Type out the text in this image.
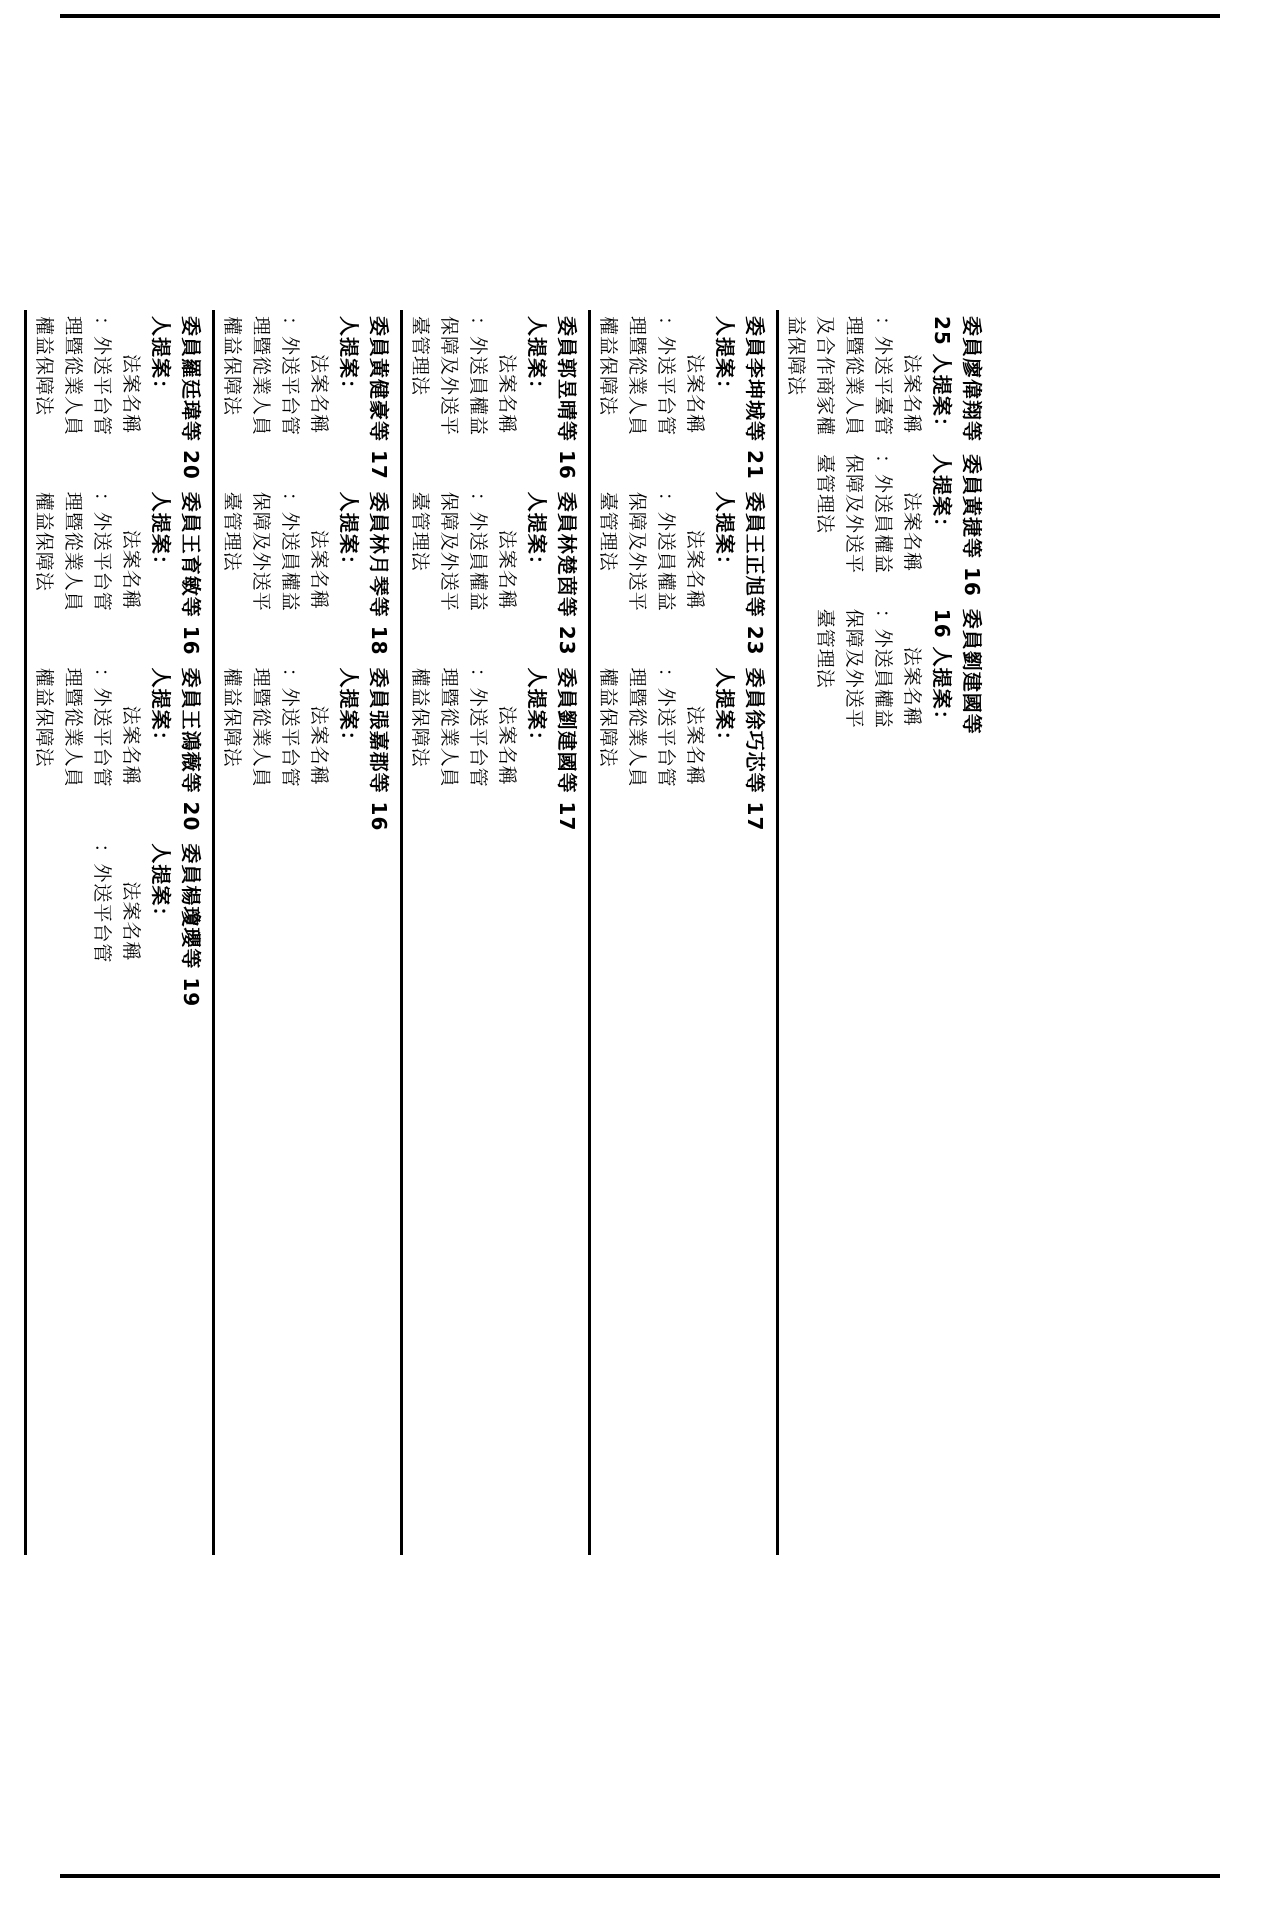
委員廖偉翔等
25 人提案：
法案名稱
：外送平臺管
理暨從業人員
及合作商家權
益保障法
委員黃捷等 16
人提案：
法案名稱
：外送員權益
保障及外送平
臺管理法
委員劉建國等
16 人提案：
法案名稱
：外送員權益
保障及外送平
臺管理法
委員李坤城等 21
人提案：
法案名稱
：外送平台管
理暨從業人員
權益保障法
委員王正旭等 23
人提案：
法案名稱
：外送員權益
保障及外送平
臺管理法
委員徐巧芯等 17
人提案：
法案名稱
：外送平台管
理暨從業人員
權益保障法
委員郭昱晴等 16
人提案：
法案名稱
：外送員權益
保障及外送平
臺管理法
委員林楚茵等 23
人提案：
法案名稱
：外送員權益
保障及外送平
臺管理法
委員劉建國等 17
人提案：
法案名稱
：外送平台管
理暨從業人員
權益保障法
委員黃健豪等 17
人提案：
法案名稱
：外送平台管
理暨從業人員
權益保障法
委員林月琴等 18
人提案：
法案名稱
：外送員權益
保障及外送平
臺管理法
委員張嘉郡等 16
人提案：
法案名稱
：外送平台管
理暨從業人員
權益保障法
委員羅廷瑋等 20
人提案：
法案名稱
：外送平台管
理暨從業人員
權益保障法
委員王育敏等 16
人提案：
法案名稱
：外送平台管
理暨從業人員
權益保障法
委員王鴻薇等 20
人提案：
法案名稱
：外送平台管
理暨從業人員
權益保障法
委員楊瓊瓔等 19
人提案：
法案名稱
：外送平台管
